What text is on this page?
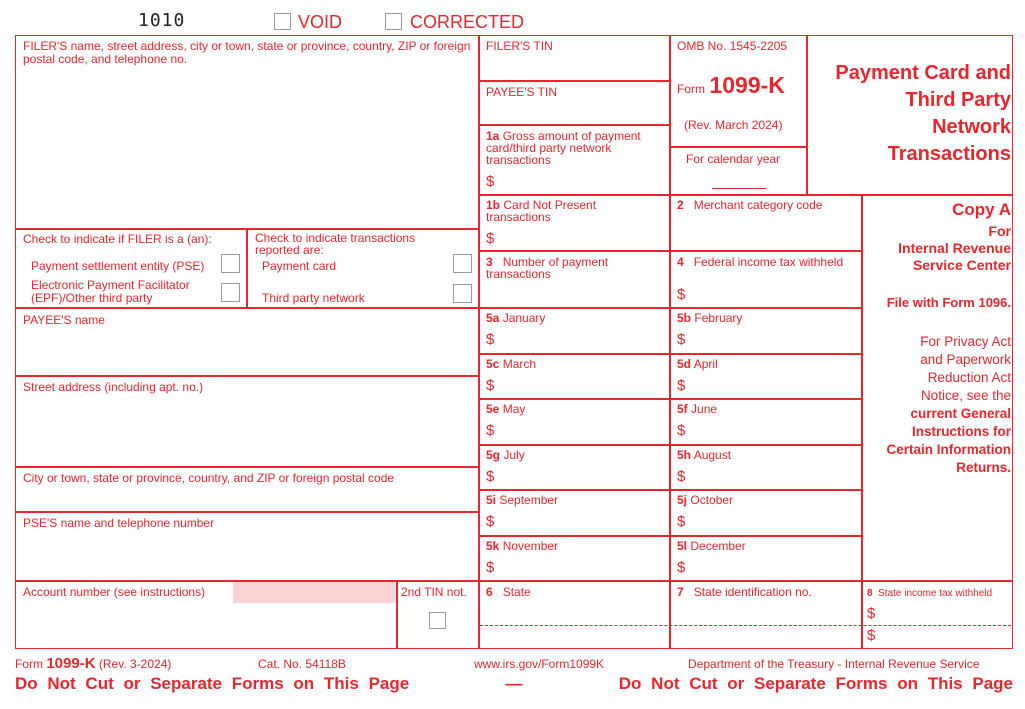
1010	VOID	CORRECTED
FILER'S name, street address, city or town, state or province, country, ZIP or foreign postal code, and telephone no.
Check to indicate if FILER is a (an):
Payment settlement entity (PSE)
Electronic Payment Facilitator
(EPF)/Other third party
Check to indicate transactions
reported are:
Payment card
Third party network
PAYEE'S name
Street address (including apt. no.)
City or town, state or province, country, and ZIP or foreign postal code
PSE'S name and telephone number
Account number (see instructions)	2nd TIN not.
FILER'S TIN
PAYEE'S TIN
1a Gross amount of payment card/third party network transactions
$
OMB No. 1545-2205
Form 1099-K
(Rev. March 2024)
For calendar year
Payment Card and
Third Party
Network
Transactions
1b Card Not Present transactions
$
2 Merchant category code
3 Number of payment transactions
4 Federal income tax withheld
$
5a January
$
5b February
$
5c March
$
5d April
$
5e May
$
5f June
$
5g July
$
5h August
$
5i September
$
5j October
$
5k November
$
5l December
$
6 State	7 State identification no.	8 State income tax withheld
$
$
Copy A
For
Internal Revenue
Service Center
File with Form 1096.
For Privacy Act
and Paperwork
Reduction Act
Notice, see the
current General
Instructions for
Certain Information
Returns.
Form 1099-K (Rev. 3-2024)	Cat. No. 54118B	www.irs.gov/Form1099K	Department of the Treasury - Internal Revenue Service
Do Not Cut or Separate Forms on This Page	—	Do Not Cut or Separate Forms on This Page
